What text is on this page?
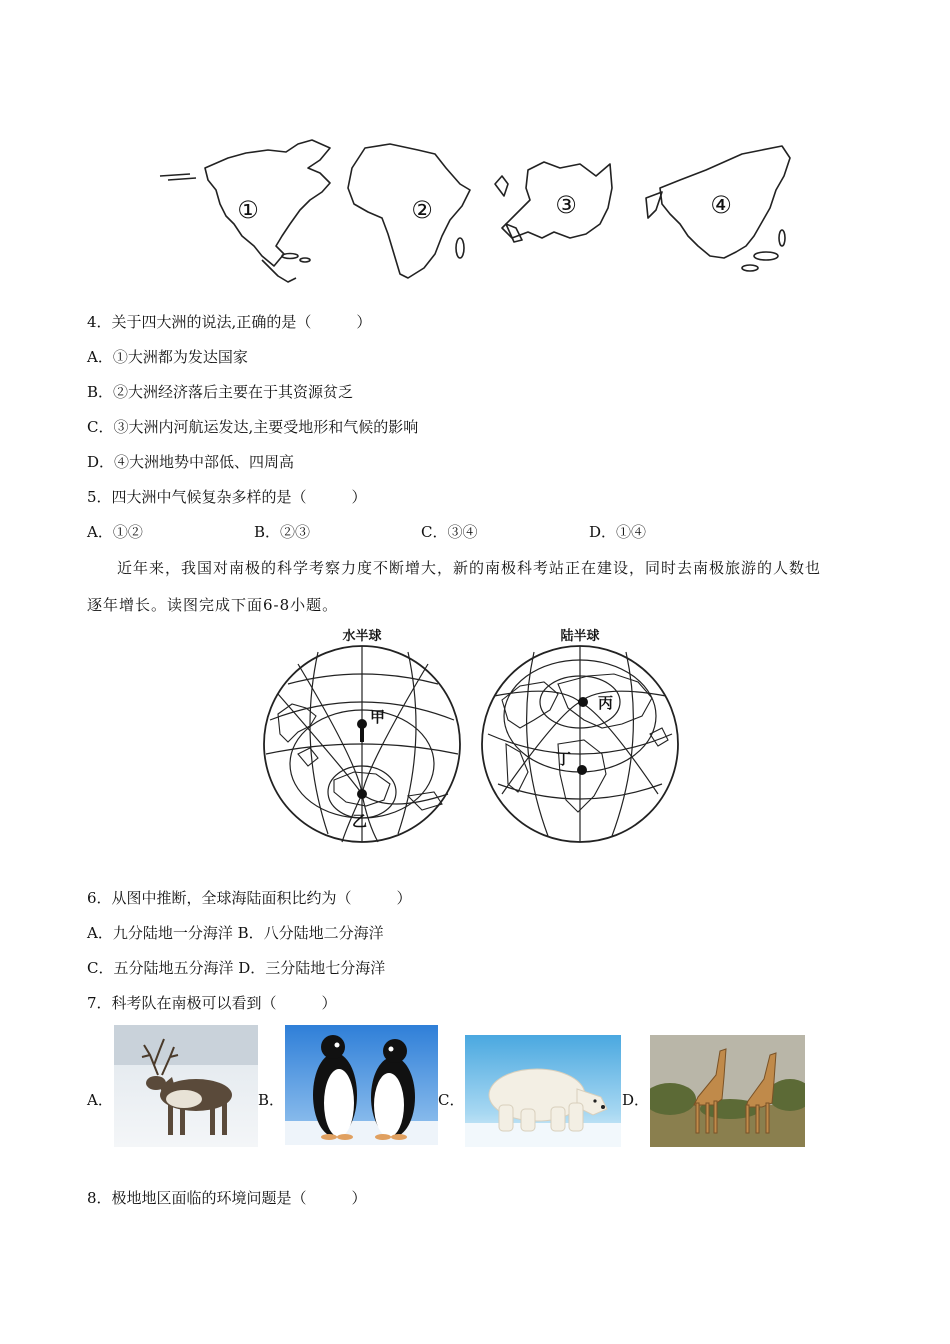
①	②	③	④
4．关于四大洲的说法,正确的是（　　　）
A．①大洲都为发达国家
B．②大洲经济落后主要在于其资源贫乏
C．③大洲内河航运发达,主要受地形和气候的影响
D．④大洲地势中部低、四周高
5．四大洲中气候复杂多样的是（　　　）
A．①②	B．②③	C．③④	D．①④
近年来，我国对南极的科学考察力度不断增大，新的南极科考站正在建设，同时去南极旅游的人数也
逐年增长。读图完成下面6-8小题。
水半球	陆半球
甲
乙
丙
丁
6．从图中推断，全球海陆面积比约为（　　　）
A．九分陆地一分海洋 B．八分陆地二分海洋
C．五分陆地五分海洋 D．三分陆地七分海洋
7．科考队在南极可以看到（　　　）
A．	B．	C．	D．
8．极地地区面临的环境问题是（　　　）
